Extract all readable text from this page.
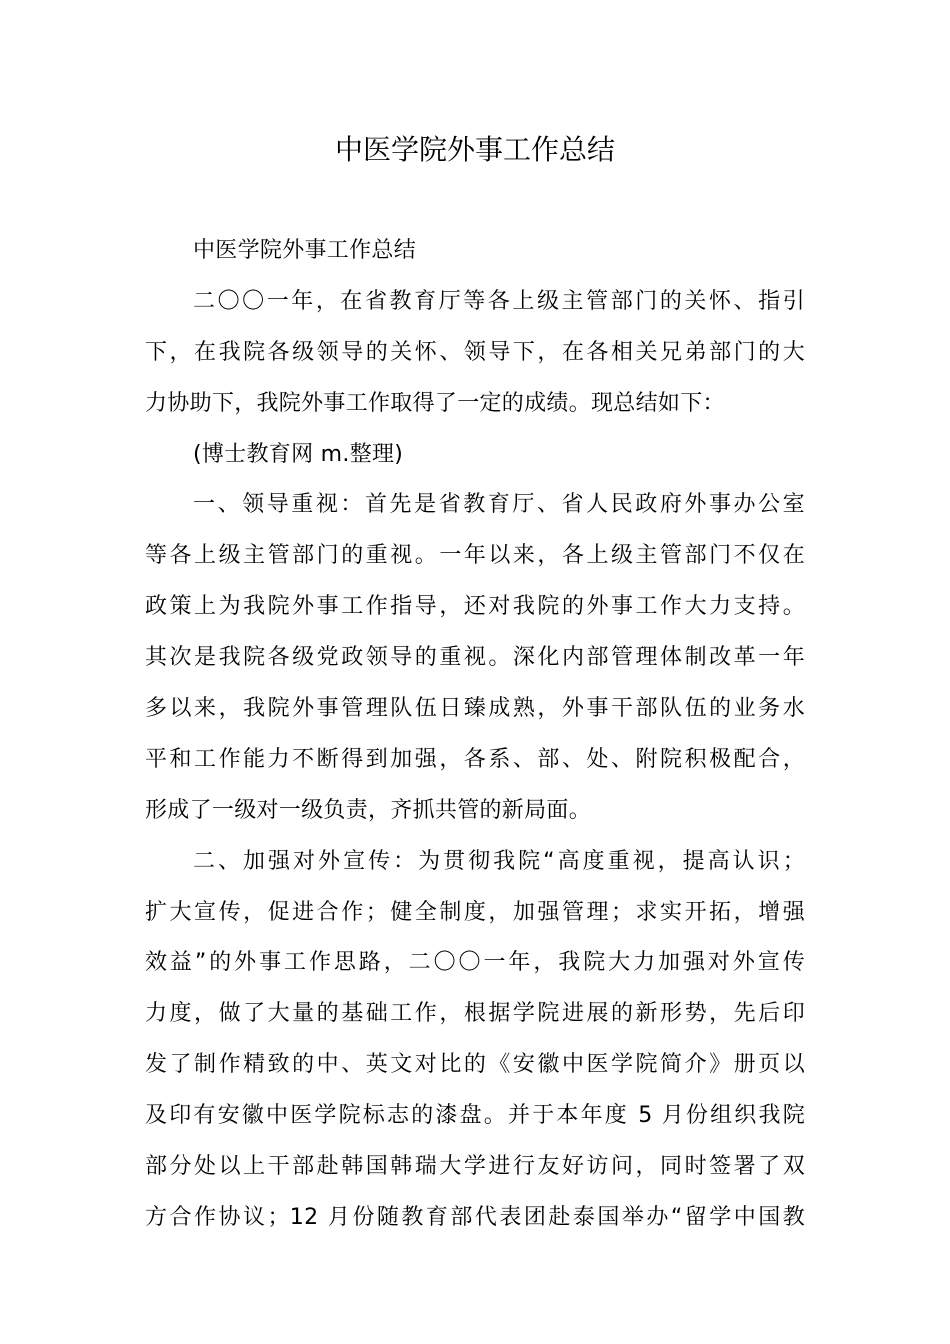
中医学院外事工作总结
中医学院外事工作总结
二〇〇一年，在省教育厅等各上级主管部门的关怀、指引
下，在我院各级领导的关怀、领导下，在各相关兄弟部门的大
力协助下，我院外事工作取得了一定的成绩。现总结如下：
(博士教育网 m.整理)
一、领导重视：首先是省教育厅、省人民政府外事办公室
等各上级主管部门的重视。一年以来，各上级主管部门不仅在
政策上为我院外事工作指导，还对我院的外事工作大力支持。
其次是我院各级党政领导的重视。深化内部管理体制改革一年
多以来，我院外事管理队伍日臻成熟，外事干部队伍的业务水
平和工作能力不断得到加强，各系、部、处、附院积极配合，
形成了一级对一级负责，齐抓共管的新局面。
二、加强对外宣传：为贯彻我院“高度重视，提高认识；
扩大宣传，促进合作；健全制度，加强管理；求实开拓，增强
效益”的外事工作思路，二〇〇一年，我院大力加强对外宣传
力度，做了大量的基础工作，根据学院进展的新形势，先后印
发了制作精致的中、英文对比的《安徽中医学院简介》册页以
及印有安徽中医学院标志的漆盘。并于本年度 5 月份组织我院
部分处以上干部赴韩国韩瑞大学进行友好访问，同时签署了双
方合作协议；12 月份随教育部代表团赴泰国举办“留学中国教
